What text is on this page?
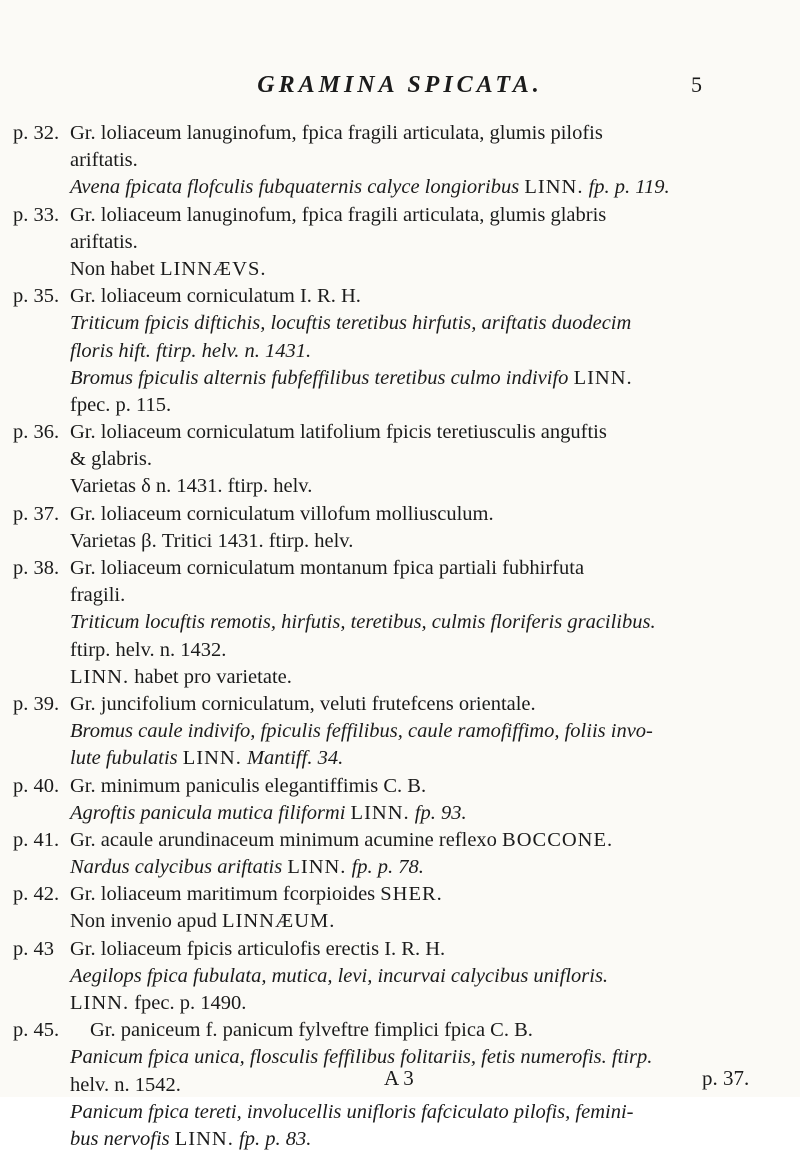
GRAMINA SPICATA.	5
p. 32. Gr. loliaceum lanuginofum, fpica fragili articulata, glumis pilofis
ariftatis.
Avena fpicata flofculis fubquaternis calyce longioribus LINN. fp. p. 119.
p. 33. Gr. loliaceum lanuginofum, fpica fragili articulata, glumis glabris
ariftatis.
Non habet LINNÆVS.
p. 35. Gr. loliaceum corniculatum I. R. H.
Triticum fpicis diftichis, locuftis teretibus hirfutis, ariftatis duodecim
floris hift. ftirp. helv. n. 1431.
Bromus fpiculis alternis fubfeffilibus teretibus culmo indivifo LINN.
fpec. p. 115.
p. 36. Gr. loliaceum corniculatum latifolium fpicis teretiusculis anguftis
& glabris.
Varietas δ n. 1431. ftirp. helv.
p. 37. Gr. loliaceum corniculatum villofum molliusculum.
Varietas β. Tritici 1431. ftirp. helv.
p. 38. Gr. loliaceum corniculatum montanum fpica partiali fubhirfuta
fragili.
Triticum locuftis remotis, hirfutis, teretibus, culmis floriferis gracilibus.
ftirp. helv. n. 1432.
LINN. habet pro varietate.
p. 39. Gr. juncifolium corniculatum, veluti frutefcens orientale.
Bromus caule indivifo, fpiculis feffilibus, caule ramofiffimo, foliis invo-
lute fubulatis LINN. Mantiff. 34.
p. 40. Gr. minimum paniculis elegantiffimis C. B.
Agroftis panicula mutica filiformi LINN. fp. 93.
p. 41. Gr. acaule arundinaceum minimum acumine reflexo BOCCONE.
Nardus calycibus ariftatis LINN. fp. p. 78.
p. 42. Gr. loliaceum maritimum fcorpioides SHER.
Non invenio apud LINNÆUM.
p. 43 Gr. loliaceum fpicis articulofis erectis I. R. H.
Aegilops fpica fubulata, mutica, levi, incurvai calycibus unifloris.
LINN. fpec. p. 1490.
p. 45. Gr. paniceum f. panicum fylveftre fimplici fpica C. B.
Panicum fpica unica, flosculis feffilibus folitariis, fetis numerofis. ftirp.
helv. n. 1542.
Panicum fpica tereti, involucellis unifloris fafciculato pilofis, femini-
bus nervofis LINN. fp. p. 83.
A 3	p. 37.
